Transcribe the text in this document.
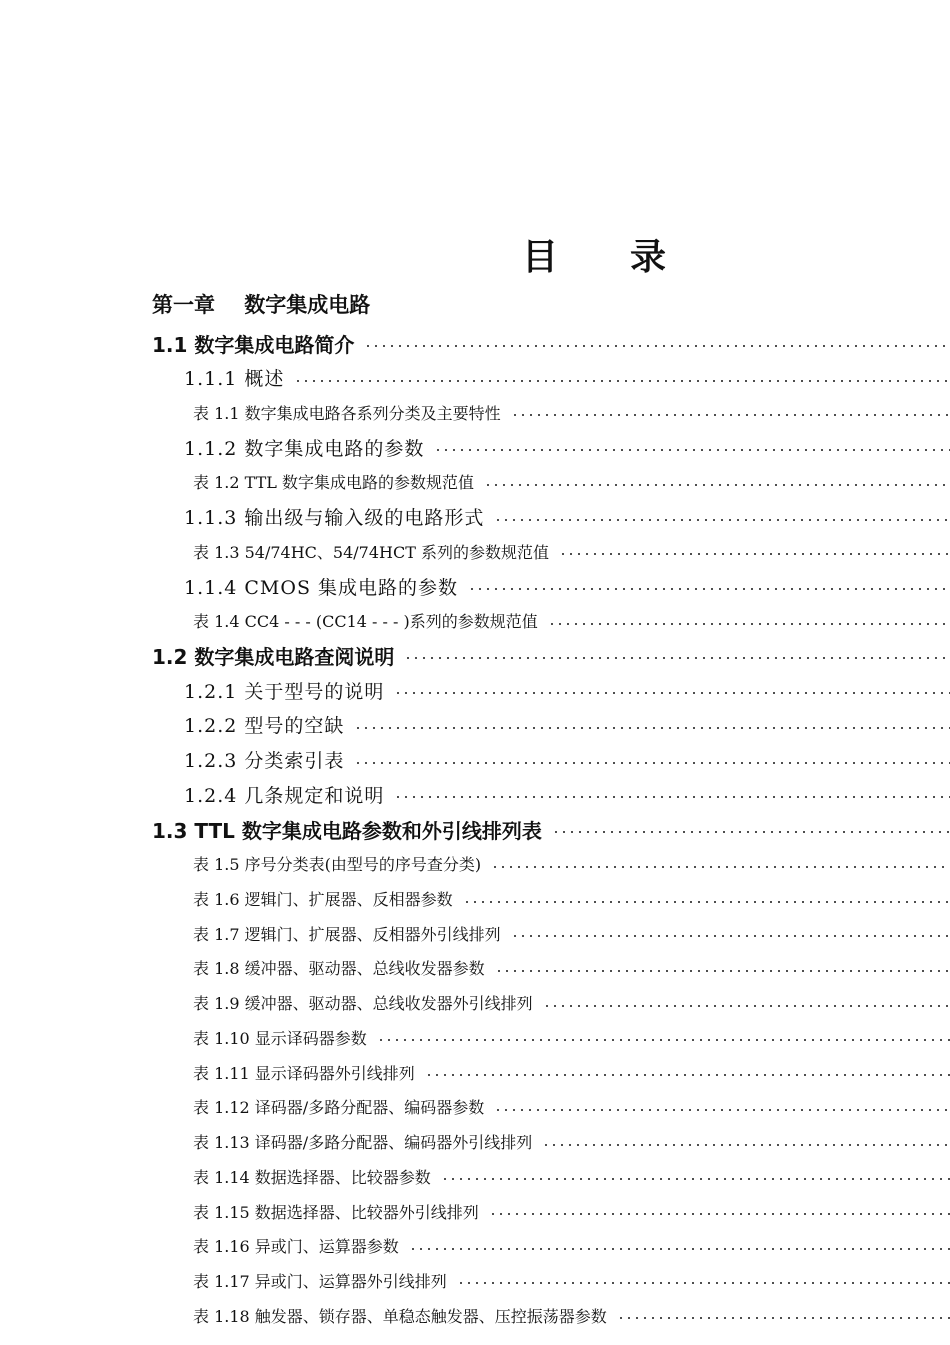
目录
第一章    数字集成电路
1.1 数字集成电路简介
1.1.1 概述
表 1.1 数字集成电路各系列分类及主要特性
1.1.2 数字集成电路的参数
表 1.2 TTL 数字集成电路的参数规范值
1.1.3 输出级与输入级的电路形式
表 1.3 54/74HC、54/74HCT 系列的参数规范值
1.1.4 CMOS 集成电路的参数
表 1.4 CC4 - - - (CC14 - - - )系列的参数规范值
1.2 数字集成电路查阅说明
1.2.1 关于型号的说明
1.2.2 型号的空缺
1.2.3 分类索引表
1.2.4 几条规定和说明
1.3 TTL 数字集成电路参数和外引线排列表
表 1.5 序号分类表(由型号的序号查分类)
表 1.6 逻辑门、扩展器、反相器参数
表 1.7 逻辑门、扩展器、反相器外引线排列
表 1.8 缓冲器、驱动器、总线收发器参数
表 1.9 缓冲器、驱动器、总线收发器外引线排列
表 1.10 显示译码器参数
表 1.11 显示译码器外引线排列
表 1.12 译码器/多路分配器、编码器参数
表 1.13 译码器/多路分配器、编码器外引线排列
表 1.14 数据选择器、比较器参数
表 1.15 数据选择器、比较器外引线排列
表 1.16 异或门、运算器参数
表 1.17 异或门、运算器外引线排列
表 1.18 触发器、锁存器、单稳态触发器、压控振荡器参数
